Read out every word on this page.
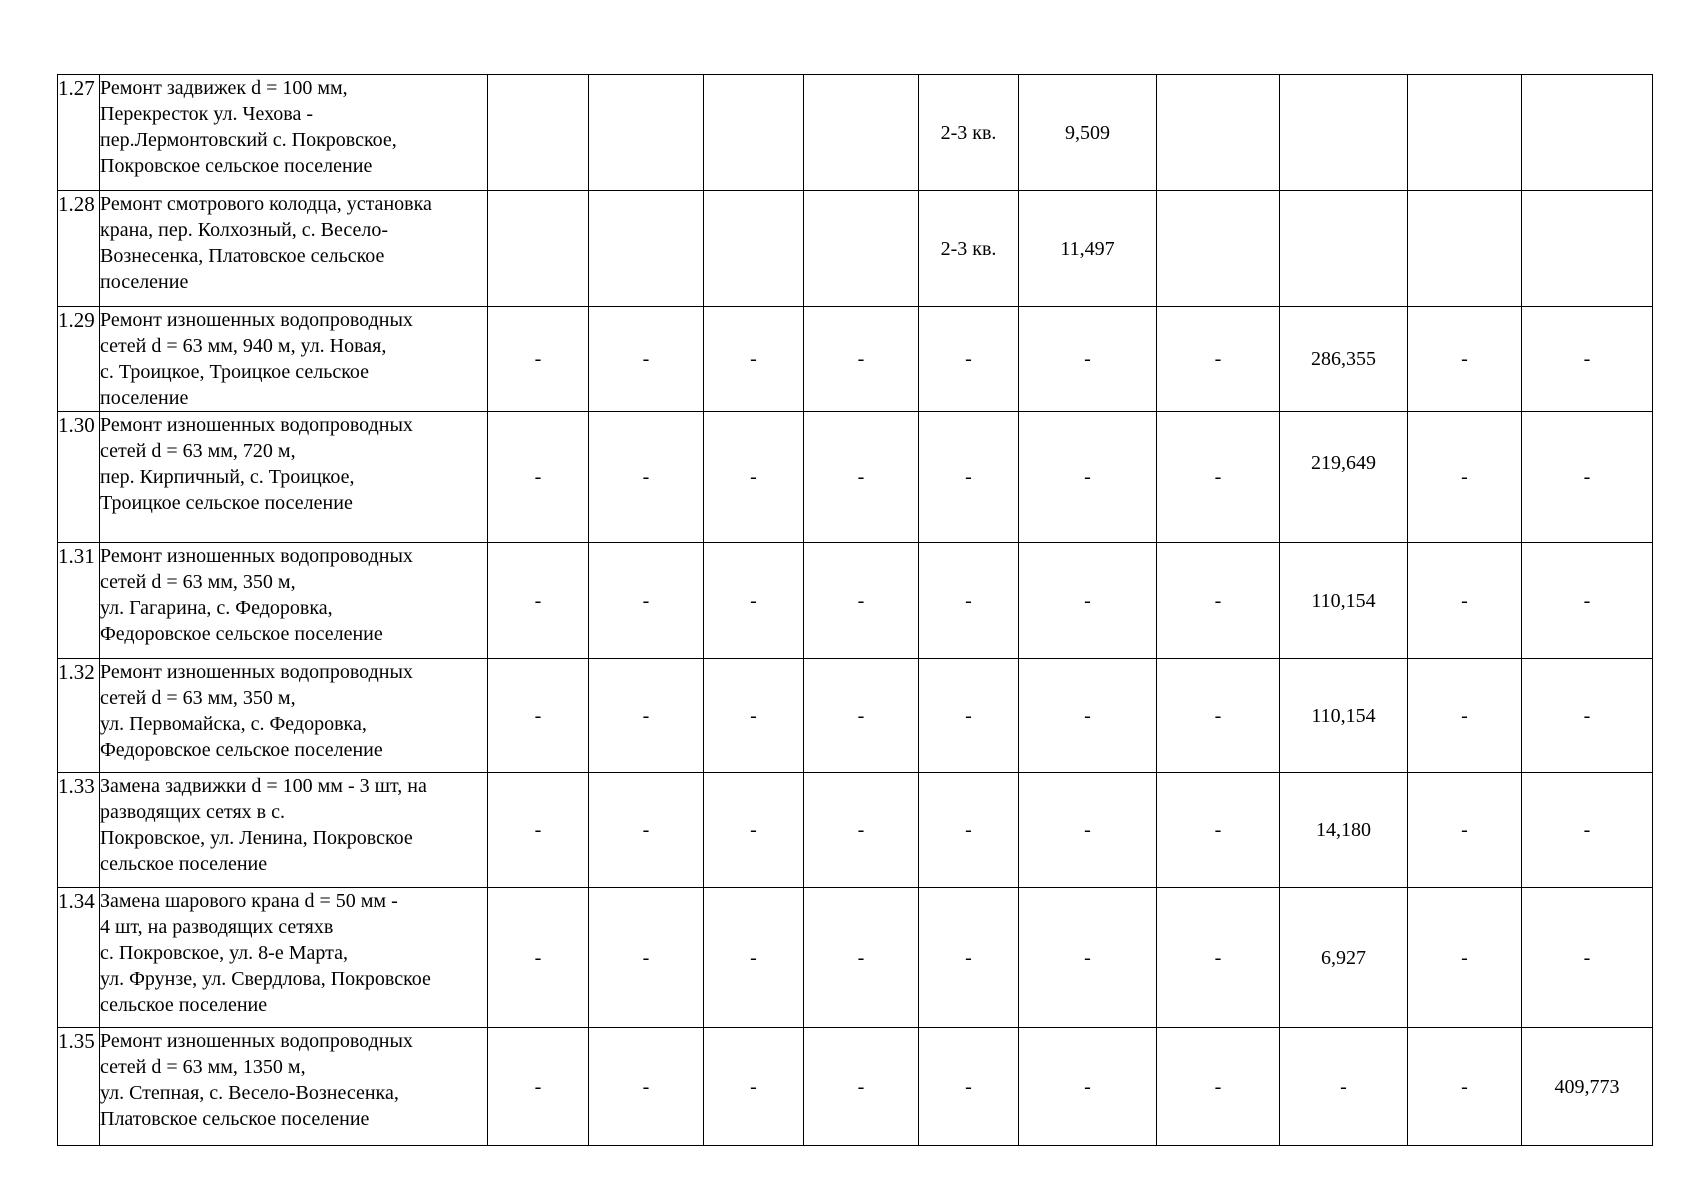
1.27	Ремонт задвижек d = 100 мм,
Перекресток ул. Чехова -
пер.Лермонтовский с. Покровское,
Покровское сельское поселение					2-3 кв.	9,509				
1.28	Ремонт смотрового колодца, установка
крана, пер. Колхозный, с. Весело-
Вознесенка, Платовское сельское
поселение					2-3 кв.	11,497				
1.29	Ремонт изношенных водопроводных
сетей d = 63 мм, 940 м, ул. Новая,
с. Троицкое, Троицкое сельское
поселение	-	-	-	-	-	-	-	286,355	-	-
1.30	Ремонт изношенных водопроводных
сетей d = 63 мм, 720 м,
пер. Кирпичный, с. Троицкое,
Троицкое сельское поселение	-	-	-	-	-	-	-	219,649	-	-
1.31	Ремонт изношенных водопроводных
сетей d = 63 мм, 350 м,
ул. Гагарина, с. Федоровка,
Федоровское сельское поселение	-	-	-	-	-	-	-	110,154	-	-
1.32	Ремонт изношенных водопроводных
сетей d = 63 мм, 350 м,
ул. Первомайска, с. Федоровка,
Федоровское сельское поселение	-	-	-	-	-	-	-	110,154	-	-
1.33	Замена задвижки d = 100 мм - 3 шт, на
разводящих сетях в с.
Покровское, ул. Ленина, Покровское
сельское поселение	-	-	-	-	-	-	-	14,180	-	-
1.34	Замена шарового крана d = 50 мм -
4 шт, на разводящих сетяхв
с. Покровское, ул. 8-е Марта,
ул. Фрунзе, ул. Свердлова, Покровское
сельское поселение	-	-	-	-	-	-	-	6,927	-	-
1.35	Ремонт изношенных водопроводных
сетей d = 63 мм, 1350 м,
ул. Степная, с. Весело-Вознесенка,
Платовское сельское поселение	-	-	-	-	-	-	-	-	-	409,773
